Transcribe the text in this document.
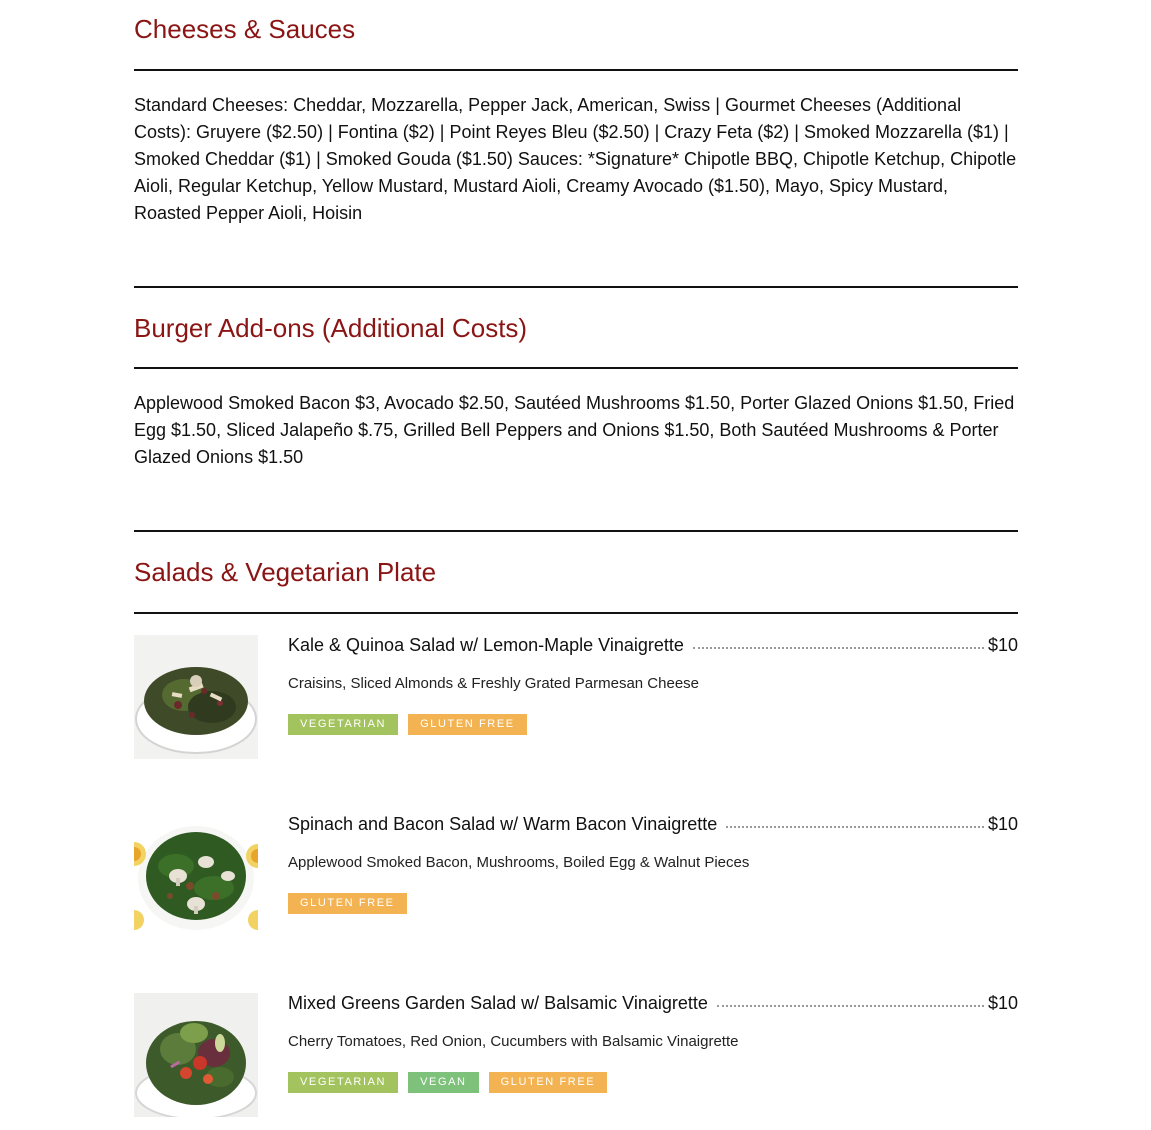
Cheeses & Sauces

Standard Cheeses: Cheddar, Mozzarella, Pepper Jack, American, Swiss | Gourmet Cheeses (Additional Costs): Gruyere ($2.50) | Fontina ($2) | Point Reyes Bleu ($2.50) | Crazy Feta ($2) | Smoked Mozzarella ($1) | Smoked Cheddar ($1) | Smoked Gouda ($1.50) Sauces: *Signature* Chipotle BBQ, Chipotle Ketchup, Chipotle Aioli, Regular Ketchup, Yellow Mustard, Mustard Aioli, Creamy Avocado ($1.50), Mayo, Spicy Mustard, Roasted Pepper Aioli, Hoisin

Burger Add-ons (Additional Costs)

Applewood Smoked Bacon $3, Avocado $2.50, Sautéed Mushrooms $1.50, Porter Glazed Onions $1.50, Fried Egg $1.50, Sliced Jalapeño $.75, Grilled Bell Peppers and Onions $1.50, Both Sautéed Mushrooms & Porter Glazed Onions $1.50

Salads & Vegetarian Plate
Kale & Quinoa Salad w/ Lemon-Maple Vinaigrette	$10
Craisins, Sliced Almonds & Freshly Grated Parmesan Cheese
VEGETARIAN	GLUTEN FREE
Spinach and Bacon Salad w/ Warm Bacon Vinaigrette	$10
Applewood Smoked Bacon, Mushrooms, Boiled Egg & Walnut Pieces
GLUTEN FREE
Mixed Greens Garden Salad w/ Balsamic Vinaigrette	$10
Cherry Tomatoes, Red Onion, Cucumbers with Balsamic Vinaigrette
VEGETARIAN	VEGAN	GLUTEN FREE
